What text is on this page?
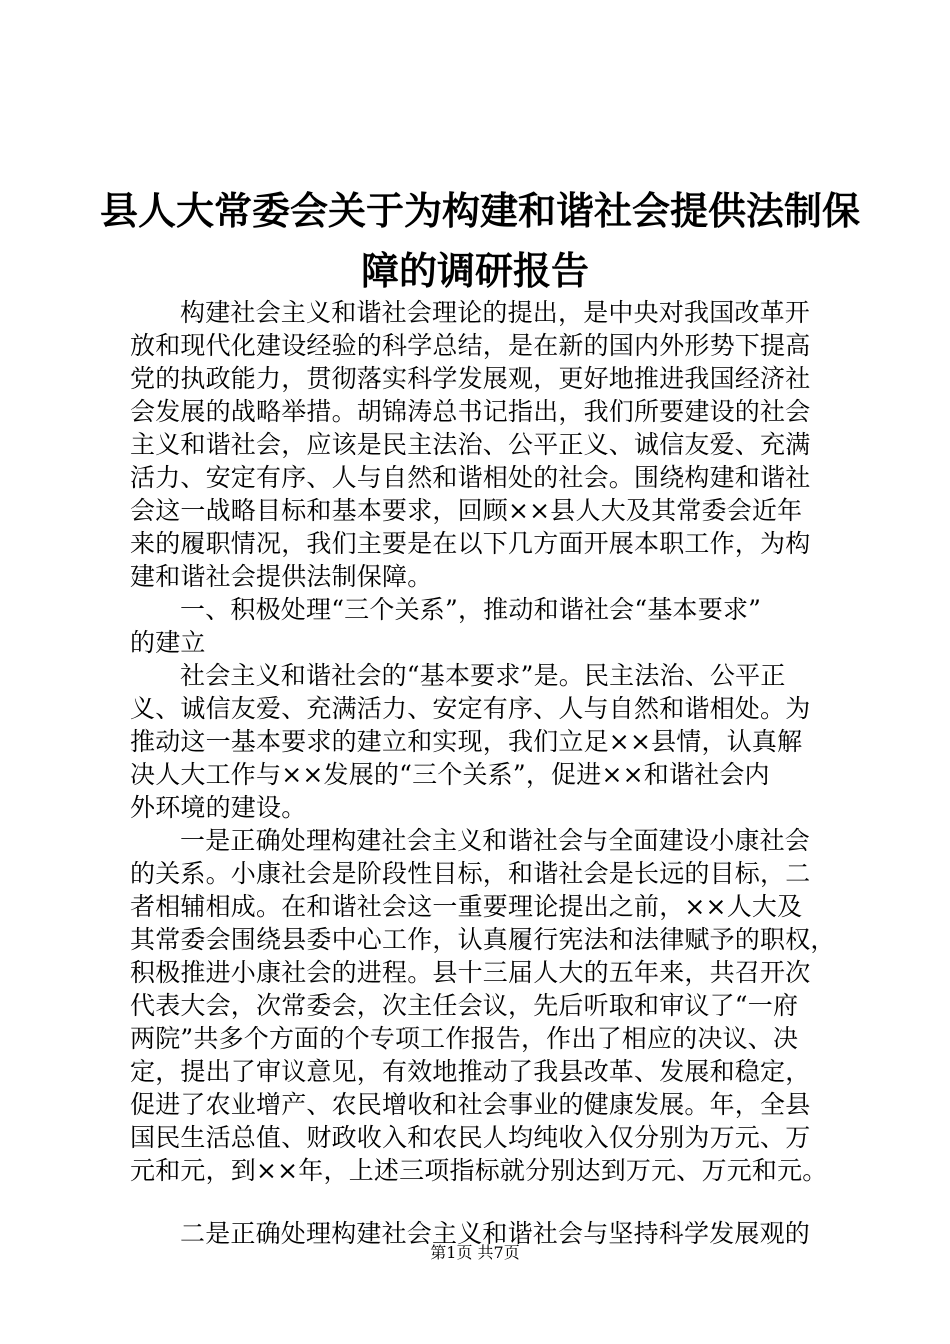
县人大常委会关于为构建和谐社会提供法制保
障的调研报告
构建社会主义和谐社会理论的提出，是中央对我国改革开
放和现代化建设经验的科学总结，是在新的国内外形势下提高
党的执政能力，贯彻落实科学发展观，更好地推进我国经济社
会发展的战略举措。胡锦涛总书记指出，我们所要建设的社会
主义和谐社会，应该是民主法治、公平正义、诚信友爱、充满
活力、安定有序、人与自然和谐相处的社会。围绕构建和谐社
会这一战略目标和基本要求，回顾××县人大及其常委会近年
来的履职情况，我们主要是在以下几方面开展本职工作，为构
建和谐社会提供法制保障。
一、积极处理“三个关系”，推动和谐社会“基本要求”
的建立
社会主义和谐社会的“基本要求”是。民主法治、公平正
义、诚信友爱、充满活力、安定有序、人与自然和谐相处。为
推动这一基本要求的建立和实现，我们立足××县情，认真解
决人大工作与××发展的“三个关系”，促进××和谐社会内
外环境的建设。
一是正确处理构建社会主义和谐社会与全面建设小康社会
的关系。小康社会是阶段性目标，和谐社会是长远的目标，二
者相辅相成。在和谐社会这一重要理论提出之前，××人大及
其常委会围绕县委中心工作，认真履行宪法和法律赋予的职权，
积极推进小康社会的进程。县十三届人大的五年来，共召开次
代表大会，次常委会，次主任会议，先后听取和审议了“一府
两院”共多个方面的个专项工作报告，作出了相应的决议、决
定，提出了审议意见，有效地推动了我县改革、发展和稳定，
促进了农业增产、农民增收和社会事业的健康发展。年，全县
国民生活总值、财政收入和农民人均纯收入仅分别为万元、万
元和元，到××年，上述三项指标就分别达到万元、万元和元。
二是正确处理构建社会主义和谐社会与坚持科学发展观的
第1页 共7页
